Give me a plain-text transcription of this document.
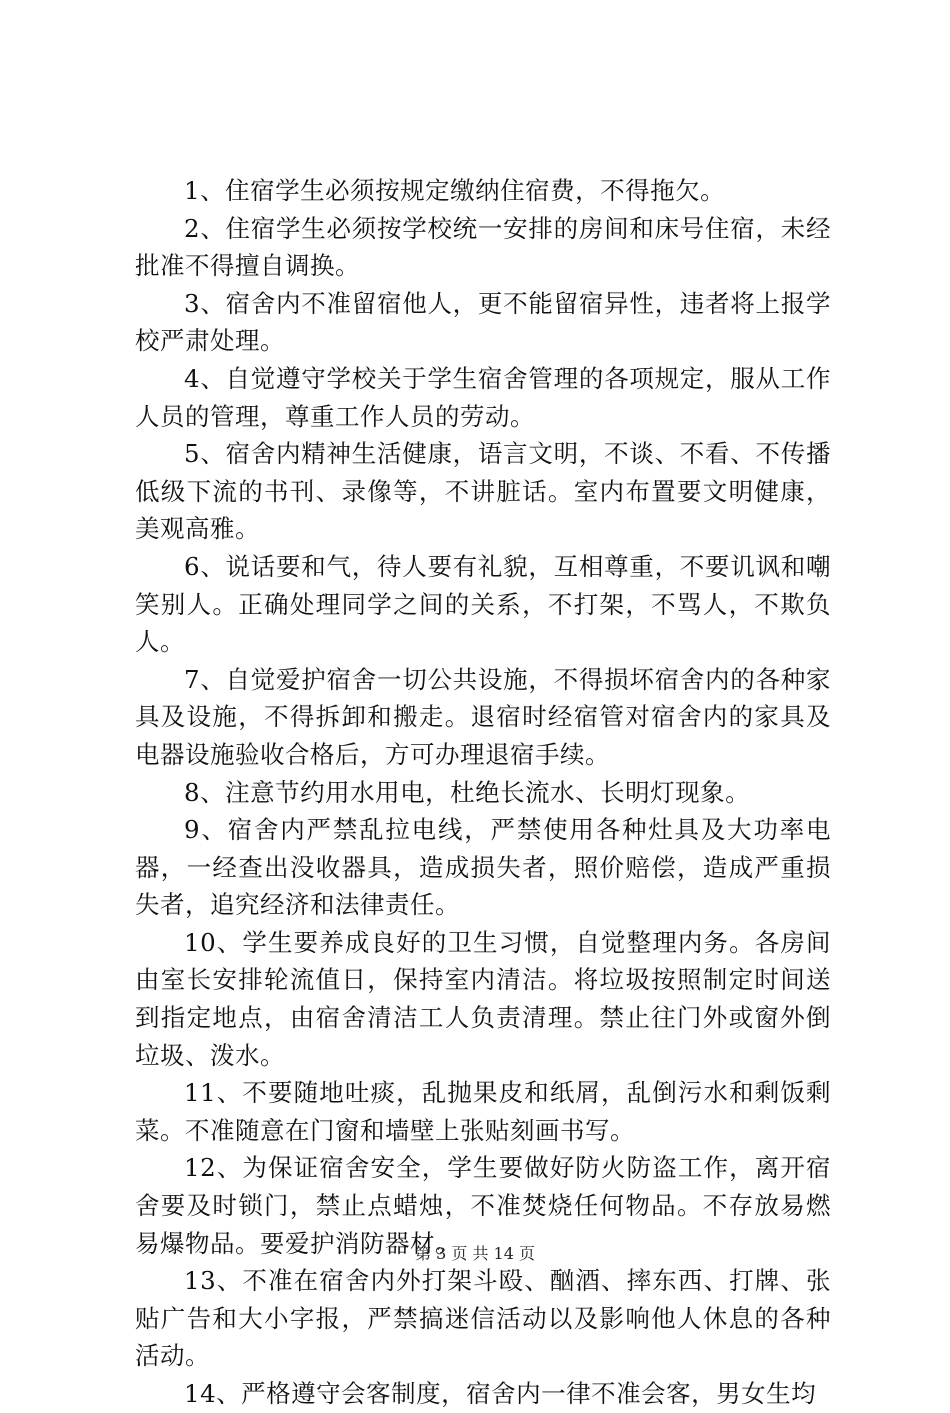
1、住宿学生必须按规定缴纳住宿费，不得拖欠。

2、住宿学生必须按学校统一安排的房间和床号住宿，未经批准不得擅自调换。

3、宿舍内不准留宿他人，更不能留宿异性，违者将上报学校严肃处理。

4、自觉遵守学校关于学生宿舍管理的各项规定，服从工作人员的管理，尊重工作人员的劳动。

5、宿舍内精神生活健康，语言文明，不谈、不看、不传播低级下流的书刊、录像等，不讲脏话。室内布置要文明健康，美观高雅。

6、说话要和气，待人要有礼貌，互相尊重，不要讥讽和嘲笑别人。正确处理同学之间的关系，不打架，不骂人，不欺负人。

7、自觉爱护宿舍一切公共设施，不得损坏宿舍内的各种家具及设施，不得拆卸和搬走。退宿时经宿管对宿舍内的家具及电器设施验收合格后，方可办理退宿手续。

8、注意节约用水用电，杜绝长流水、长明灯现象。

9、宿舍内严禁乱拉电线，严禁使用各种灶具及大功率电器，一经查出没收器具，造成损失者，照价赔偿，造成严重损失者，追究经济和法律责任。

10、学生要养成良好的卫生习惯，自觉整理内务。各房间由室长安排轮流值日，保持室内清洁。将垃圾按照制定时间送到指定地点，由宿舍清洁工人负责清理。禁止往门外或窗外倒垃圾、泼水。

11、不要随地吐痰，乱抛果皮和纸屑，乱倒污水和剩饭剩菜。不准随意在门窗和墙壁上张贴刻画书写。

12、为保证宿舍安全，学生要做好防火防盗工作，离开宿舍要及时锁门，禁止点蜡烛，不准焚烧任何物品。不存放易燃易爆物品。要爱护消防器材。

13、不准在宿舍内外打架斗殴、酗酒、摔东西、打牌、张贴广告和大小字报，严禁搞迷信活动以及影响他人休息的各种活动。

14、严格遵守会客制度，宿舍内一律不准会客，男女生均

第 3 页 共 14 页
